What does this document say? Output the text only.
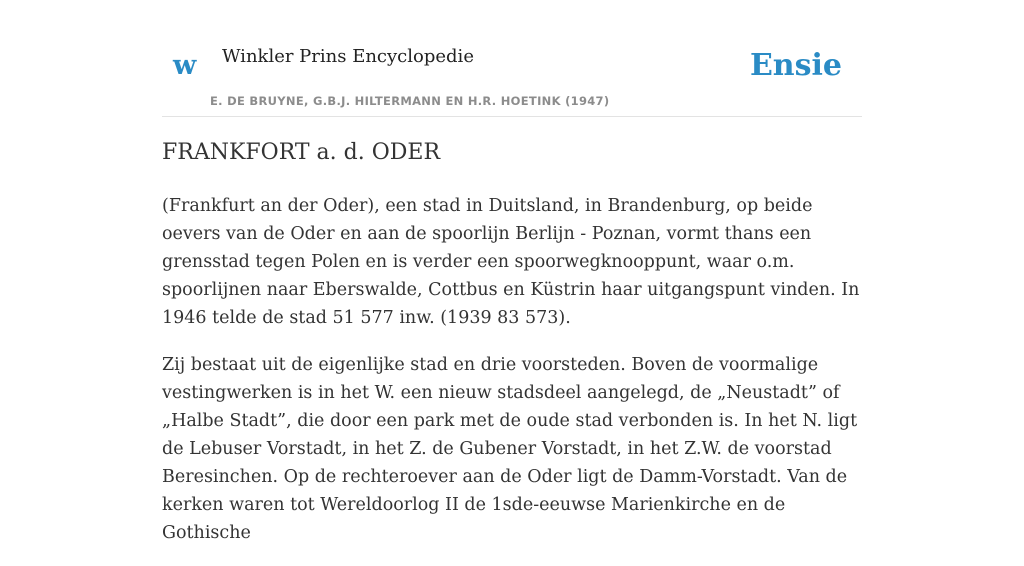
w Winkler Prins Encyclopedie
E. DE BRUYNE, G.B.J. HILTERMANN EN H.R. HOETINK (1947)
Ensie
FRANKFORT a. d. ODER

(Frankfurt an der Oder), een stad in Duitsland, in Brandenburg, op beide oevers van de Oder en aan de spoorlijn Berlijn - Poznan, vormt thans een grensstad tegen Polen en is verder een spoorwegknooppunt, waar o.m. spoorlijnen naar Eberswalde, Cottbus en Küstrin haar uitgangspunt vinden. In 1946 telde de stad 51 577 inw. (1939 83 573).

Zij bestaat uit de eigenlijke stad en drie voorsteden. Boven de voormalige vestingwerken is in het W. een nieuw stadsdeel aangelegd, de „Neustadt” of „Halbe Stadt”, die door een park met de oude stad verbonden is. In het N. ligt de Lebuser Vorstadt, in het Z. de Gubener Vorstadt, in het Z.W. de voorstad Beresinchen. Op de rechteroever aan de Oder ligt de Damm-Vorstadt. Van de kerken waren tot Wereldoorlog II de 1sde-eeuwse Marienkirche en de Gothische
